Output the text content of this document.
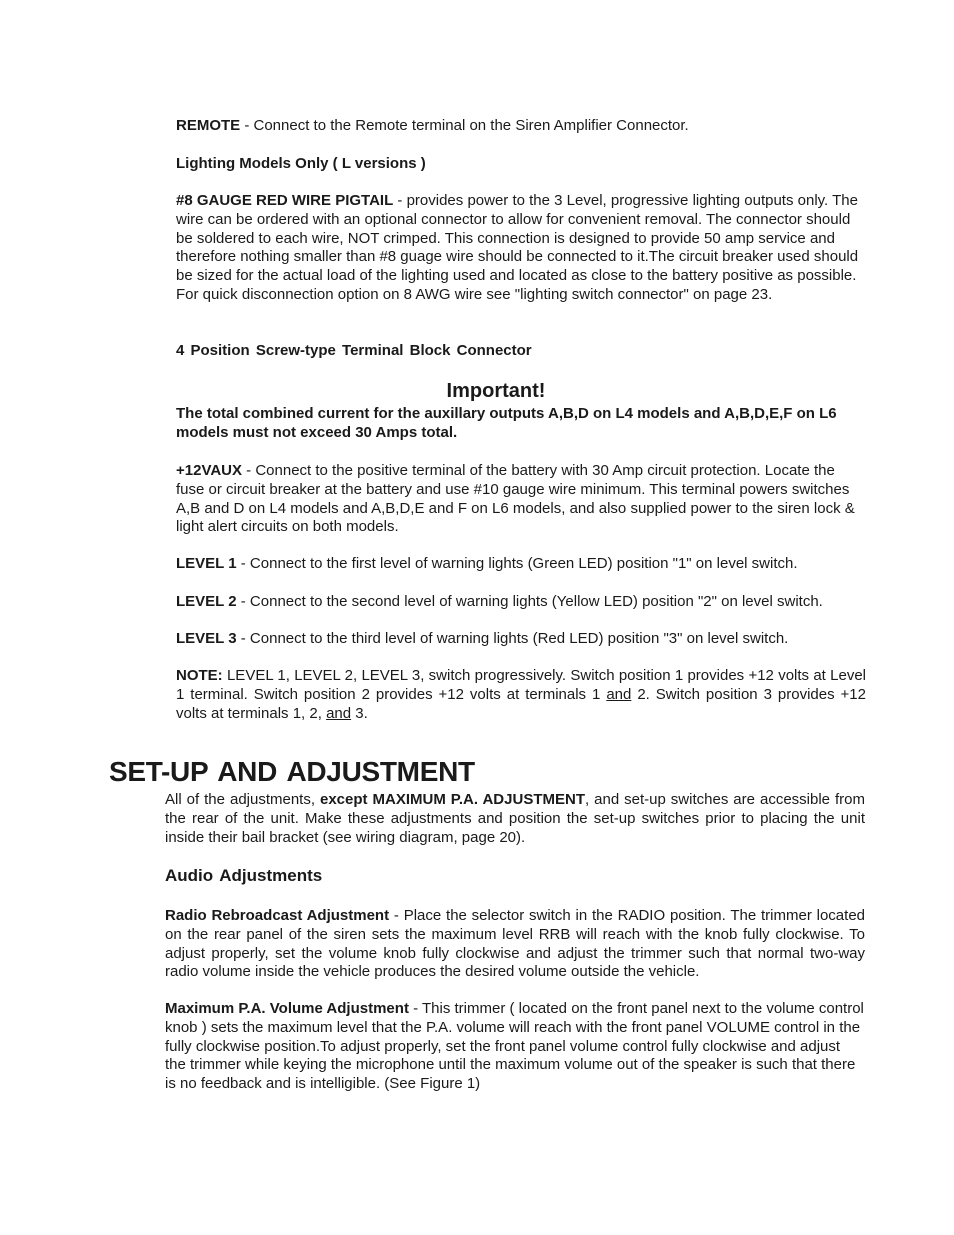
REMOTE - Connect to the Remote terminal on the Siren Amplifier Connector.

Lighting Models Only ( L versions )

#8 GAUGE RED WIRE PIGTAIL - provides power to the 3 Level, progressive lighting outputs only. The wire can be ordered with an optional connector to allow for convenient removal. The connector should be soldered to each wire, NOT crimped. This connection is designed to provide 50 amp service and therefore nothing smaller than #8 guage wire should be connected to it.The circuit breaker used should be sized for the actual load of the lighting used and located as close to the battery positive as possible. For quick disconnection option on 8 AWG wire see "lighting switch connector" on page 23.

4 Position Screw-type Terminal Block Connector

Important!

The total combined current for the auxillary outputs A,B,D on L4 models and A,B,D,E,F on L6 models must not exceed 30 Amps total.

+12VAUX - Connect to the positive terminal of the battery with 30 Amp circuit protection. Locate the fuse or circuit breaker at the battery and use #10 gauge wire minimum. This terminal powers switches A,B and D on L4 models and A,B,D,E and F on L6 models, and also supplied power to the siren lock & light alert circuits on both models.

LEVEL 1 - Connect to the first level of warning lights (Green LED) position "1" on level switch.

LEVEL 2 - Connect to the second level of warning lights (Yellow LED) position "2" on level switch.

LEVEL 3 - Connect to the third level of warning lights (Red LED) position "3" on level switch.

NOTE: LEVEL 1, LEVEL 2, LEVEL 3, switch progressively. Switch position 1 provides +12 volts at Level 1 terminal. Switch position 2 provides +12 volts at terminals 1 and 2. Switch position 3 provides +12 volts at terminals 1, 2, and 3.

SET-UP AND ADJUSTMENT

All of the adjustments, except MAXIMUM P.A. ADJUSTMENT, and set-up switches are accessible from the rear of the unit. Make these adjustments and position the set-up switches prior to placing the unit inside their bail bracket (see wiring diagram, page 20).

Audio Adjustments

Radio Rebroadcast Adjustment - Place the selector switch in the RADIO position. The trimmer located on the rear panel of the siren sets the maximum level RRB will reach with the knob fully clockwise. To adjust properly, set the volume knob fully clockwise and adjust the trimmer such that normal two-way radio volume inside the vehicle produces the desired volume outside the vehicle.

Maximum P.A. Volume Adjustment - This trimmer ( located on the front panel next to the volume control knob ) sets the maximum level that the P.A. volume will reach with the front panel VOLUME control in the fully clockwise position.To adjust properly, set the front panel volume control fully clockwise and adjust the trimmer while keying the microphone until the maximum volume out of the speaker is such that there is no feedback and is intelligible. (See Figure 1)
